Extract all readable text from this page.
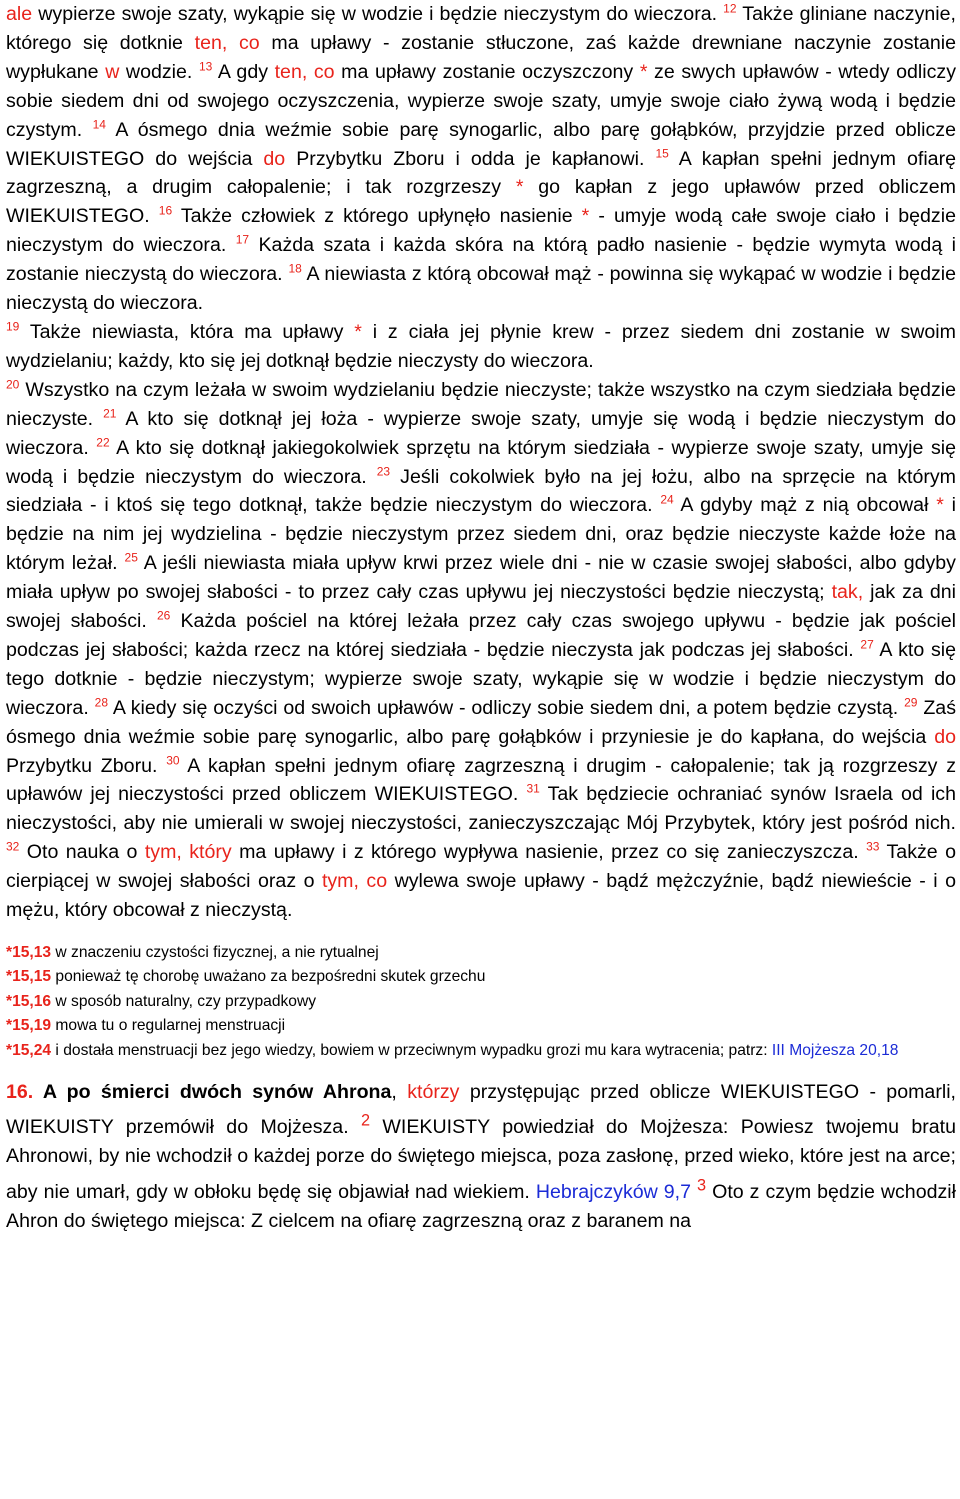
ale wypierze swoje szaty, wykąpie się w wodzie i będzie nieczystym do wieczora. $^{12}$ Także gliniane naczynie, którego się dotknie ten, co ma upławy - zostanie stłuczone, zaś każde drewniane naczynie zostanie wypłukane w wodzie. $^{13}$ A gdy ten, co ma upławy zostanie oczyszczony * ze swych upławów - wtedy odliczy sobie siedem dni od swojego oczyszczenia, wypierze swoje szaty, umyje swoje ciało żywą wodą i będzie czystym. $^{14}$ A ósmego dnia weźmie sobie parę synogarlic, albo parę gołąbków, przyjdzie przed oblicze WIEKUISTEGO do wejścia do Przybytku Zboru i odda je kapłanowi. $^{15}$ A kapłan spełni jednym ofiarę zagrzeszną, a drugim całopalenie; i tak rozgrzeszy * go kapłan z jego upławów przed obliczem WIEKUISTEGO. $^{16}$ Także człowiek z którego upłynęło nasienie * - umyje wodą całe swoje ciało i będzie nieczystym do wieczora. $^{17}$ Każda szata i każda skóra na którą padło nasienie - będzie wymyta wodą i zostanie nieczystą do wieczora. $^{18}$ A niewiasta z którą obcował mąż - powinna się wykąpać w wodzie i będzie nieczystą do wieczora.

$^{19}$ Także niewiasta, która ma upławy * i z ciała jej płynie krew - przez siedem dni zostanie w swoim wydzielaniu; każdy, kto się jej dotknął będzie nieczysty do wieczora.

$^{20}$ Wszystko na czym leżała w swoim wydzielaniu będzie nieczyste; także wszystko na czym siedziała będzie nieczyste. $^{21}$ A kto się dotknął jej łoża - wypierze swoje szaty, umyje się wodą i będzie nieczystym do wieczora. $^{22}$ A kto się dotknął jakiegokolwiek sprzętu na którym siedziała - wypierze swoje szaty, umyje się wodą i będzie nieczystym do wieczora. $^{23}$ Jeśli cokolwiek było na jej łożu, albo na sprzęcie na którym siedziała - i ktoś się tego dotknął, także będzie nieczystym do wieczora. $^{24}$ A gdyby mąż z nią obcował * i będzie na nim jej wydzielina - będzie nieczystym przez siedem dni, oraz będzie nieczyste każde łoże na którym leżał. $^{25}$ A jeśli niewiasta miała upływ krwi przez wiele dni - nie w czasie swojej słabości, albo gdyby miała upływ po swojej słabości - to przez cały czas upływu jej nieczystości będzie nieczystą; tak, jak za dni swojej słabości. $^{26}$ Każda pościel na której leżała przez cały czas swojego upływu - będzie jak pościel podczas jej słabości; każda rzecz na której siedziała - będzie nieczysta jak podczas jej słabości. $^{27}$ A kto się tego dotknie - będzie nieczystym; wypierze swoje szaty, wykąpie się w wodzie i będzie nieczystym do wieczora. $^{28}$ A kiedy się oczyści od swoich upławów - odliczy sobie siedem dni, a potem będzie czystą. $^{29}$ Zaś ósmego dnia weźmie sobie parę synogarlic, albo parę gołąbków i przyniesie je do kapłana, do wejścia do Przybytku Zboru. $^{30}$ A kapłan spełni jednym ofiarę zagrzeszną i drugim - całopalenie; tak ją rozgrzeszy z upławów jej nieczystości przed obliczem WIEKUISTEGO. $^{31}$ Tak będziecie ochraniać synów Israela od ich nieczystości, aby nie umierali w swojej nieczystości, zanieczyszczając Mój Przybytek, który jest pośród nich. $^{32}$ Oto nauka o tym, który ma upławy i z którego wypływa nasienie, przez co się zanieczyszcza. $^{33}$ Także o cierpiącej w swojej słabości oraz o tym, co wylewa swoje upławy - bądź mężczyźnie, bądź niewieście - i o mężu, który obcował z nieczystą.

*15,13 w znaczeniu czystości fizycznej, a nie rytualnej

*15,15 ponieważ tę chorobę uważano za bezpośredni skutek grzechu

*15,16 w sposób naturalny, czy przypadkowy

*15,19 mowa tu o regularnej menstruacji

*15,24 i dostała menstruacji bez jego wiedzy, bowiem w przeciwnym wypadku grozi mu kara wytracenia; patrz: III Mojżesza 20,18

16. A po śmierci dwóch synów Ahrona, którzy przystępując przed oblicze WIEKUISTEGO - pomarli, WIEKUISTY przemówił do Mojżesza. $^2$ WIEKUISTY powiedział do Mojżesza: Powiesz twojemu bratu Ahronowi, by nie wchodził o każdej porze do świętego miejsca, poza zasłonę, przed wieko, które jest na arce; aby nie umarł, gdy w obłoku będę się objawiał nad wiekiem. Hebrajczyków 9,7 $^3$ Oto z czym będzie wchodził Ahron do świętego miejsca: Z cielcem na ofiarę zagrzeszną oraz z baranem na
